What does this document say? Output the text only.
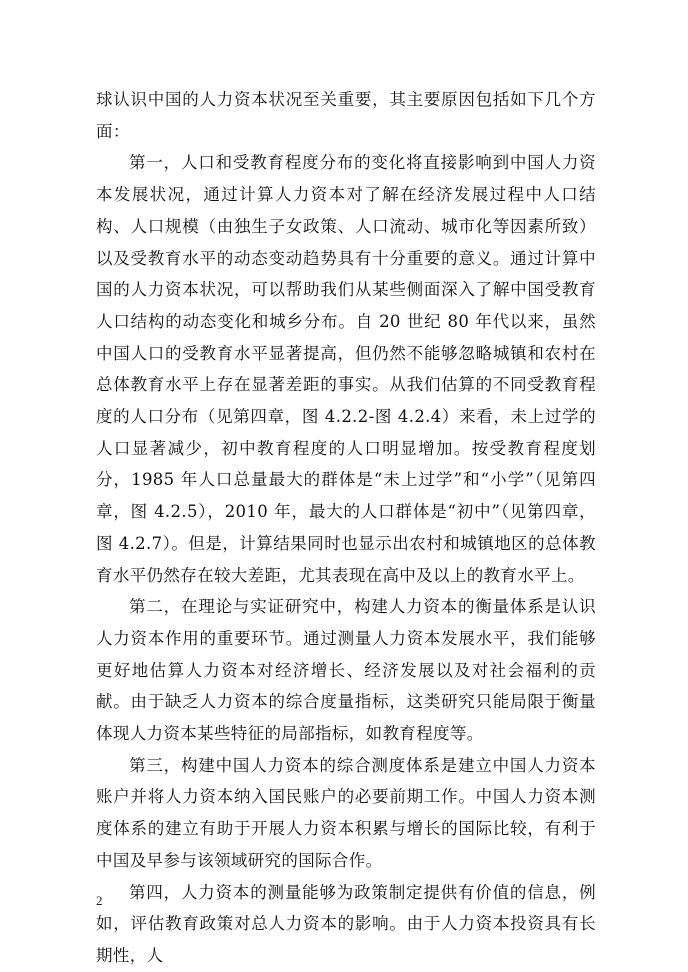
球认识中国的人力资本状况至关重要，其主要原因包括如下几个方面：

第一，人口和受教育程度分布的变化将直接影响到中国人力资本发展状况，通过计算人力资本对了解在经济发展过程中人口结构、人口规模（由独生子女政策、人口流动、城市化等因素所致）以及受教育水平的动态变动趋势具有十分重要的意义。通过计算中国的人力资本状况，可以帮助我们从某些侧面深入了解中国受教育人口结构的动态变化和城乡分布。自 20 世纪 80 年代以来，虽然中国人口的受教育水平显著提高，但仍然不能够忽略城镇和农村在总体教育水平上存在显著差距的事实。从我们估算的不同受教育程度的人口分布（见第四章，图 4.2.2-图 4.2.4）来看，未上过学的人口显著减少，初中教育程度的人口明显增加。按受教育程度划分，1985 年人口总量最大的群体是“未上过学”和“小学”（见第四章，图 4.2.5），2010 年，最大的人口群体是“初中”（见第四章，图 4.2.7）。但是，计算结果同时也显示出农村和城镇地区的总体教育水平仍然存在较大差距，尤其表现在高中及以上的教育水平上。

第二，在理论与实证研究中，构建人力资本的衡量体系是认识人力资本作用的重要环节。通过测量人力资本发展水平，我们能够更好地估算人力资本对经济增长、经济发展以及对社会福利的贡献。由于缺乏人力资本的综合度量指标，这类研究只能局限于衡量体现人力资本某些特征的局部指标，如教育程度等。

第三，构建中国人力资本的综合测度体系是建立中国人力资本账户并将人力资本纳入国民账户的必要前期工作。中国人力资本测度体系的建立有助于开展人力资本积累与增长的国际比较，有利于中国及早参与该领域研究的国际合作。

第四，人力资本的测量能够为政策制定提供有价值的信息，例如，评估教育政策对总人力资本的影响。由于人力资本投资具有长期性，人

2
